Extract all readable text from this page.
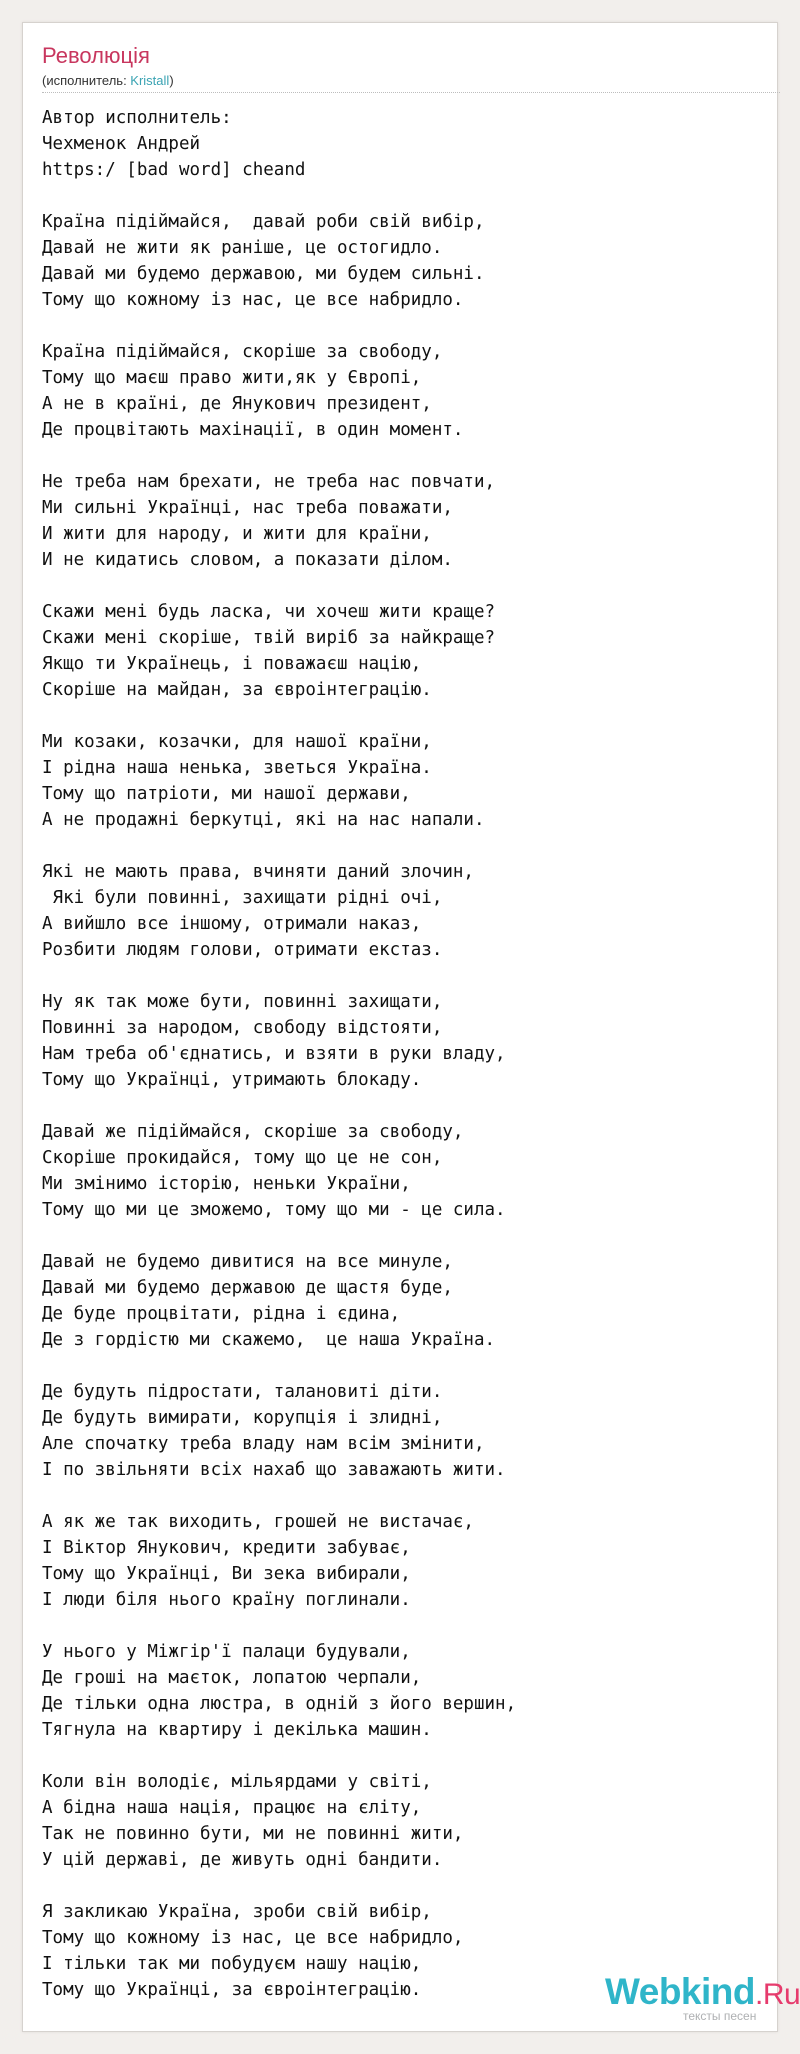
Революція
(исполнитель: Kristall)
Автор исполнитель:
Чехменок Андрей
https:/ [bad word] cheand

Країна підіймайся,  давай роби свій вибір,
Давай не жити як раніше, це остогидло.
Давай ми будемо державою, ми будем сильні.
Тому що кожному із нас, це все набридло.

Країна підіймайся, скоріше за свободу,
Тому що маєш право жити,як у Європі,
А не в країні, де Янукович президент,
Де процвітають махінації, в один момент.

Не треба нам брехати, не треба нас повчати,
Ми сильні Українці, нас треба поважати,
И жити для народу, и жити для країни,
И не кидатись словом, а показати ділом.

Скажи мені будь ласка, чи хочеш жити краще?
Скажи мені скоріше, твій виріб за найкраще?
Якщо ти Українець, і поважаєш націю,
Скоріше на майдан, за євроінтеграцію.

Ми козаки, козачки, для нашої країни,
І рідна наша ненька, зветься Україна.
Тому що патріоти, ми нашої держави,
А не продажні беркутці, які на нас напали.

Які не мають права, вчиняти даний злочин,
Які були повинні, захищати рідні очі,
А вийшло все іншому, отримали наказ,
Розбити людям голови, отримати екстаз.

Ну як так може бути, повинні захищати,
Повинні за народом, свободу відстояти,
Нам треба об'єднатись, и взяти в руки владу,
Тому що Українці, утримають блокаду.

Давай же підіймайся, скоріше за свободу,
Скоріше прокидайся, тому що це не сон,
Ми змінимо історію, неньки України,
Тому що ми це зможемо, тому що ми - це сила.

Давай не будемо дивитися на все минуле,
Давай ми будемо державою де щастя буде,
Де буде процвітати, рідна і єдина,
Де з гордістю ми скажемо,  це наша Україна.

Де будуть підростати, талановиті діти.
Де будуть вимирати, корупція і злидні,
Але спочатку треба владу нам всім змінити,
І по звільняти всіх нахаб що заважають жити.

А як же так виходить, грошей не вистачає,
І Віктор Янукович, кредити забуває,
Тому що Українці, Ви зека вибирали,
І люди біля нього країну поглинали.

У нього у Міжгір'ї палаци будували,
Де гроші на маєток, лопатою черпали,
Де тільки одна люстра, в одній з його вершин,
Тягнула на квартиру і декілька машин.

Коли він володіє, мільярдами у світі,
А бідна наша нація, працює на єліту,
Так не повинно бути, ми не повинні жити,
У цій державі, де живуть одні бандити.

Я закликаю Україна, зроби свій вибір,
Тому що кожному із нас, це все набридло,
І тільки так ми побудуєм нашу націю,
Тому що Українці, за євроінтеграцію.	Webkind.Ru
тексты песен
